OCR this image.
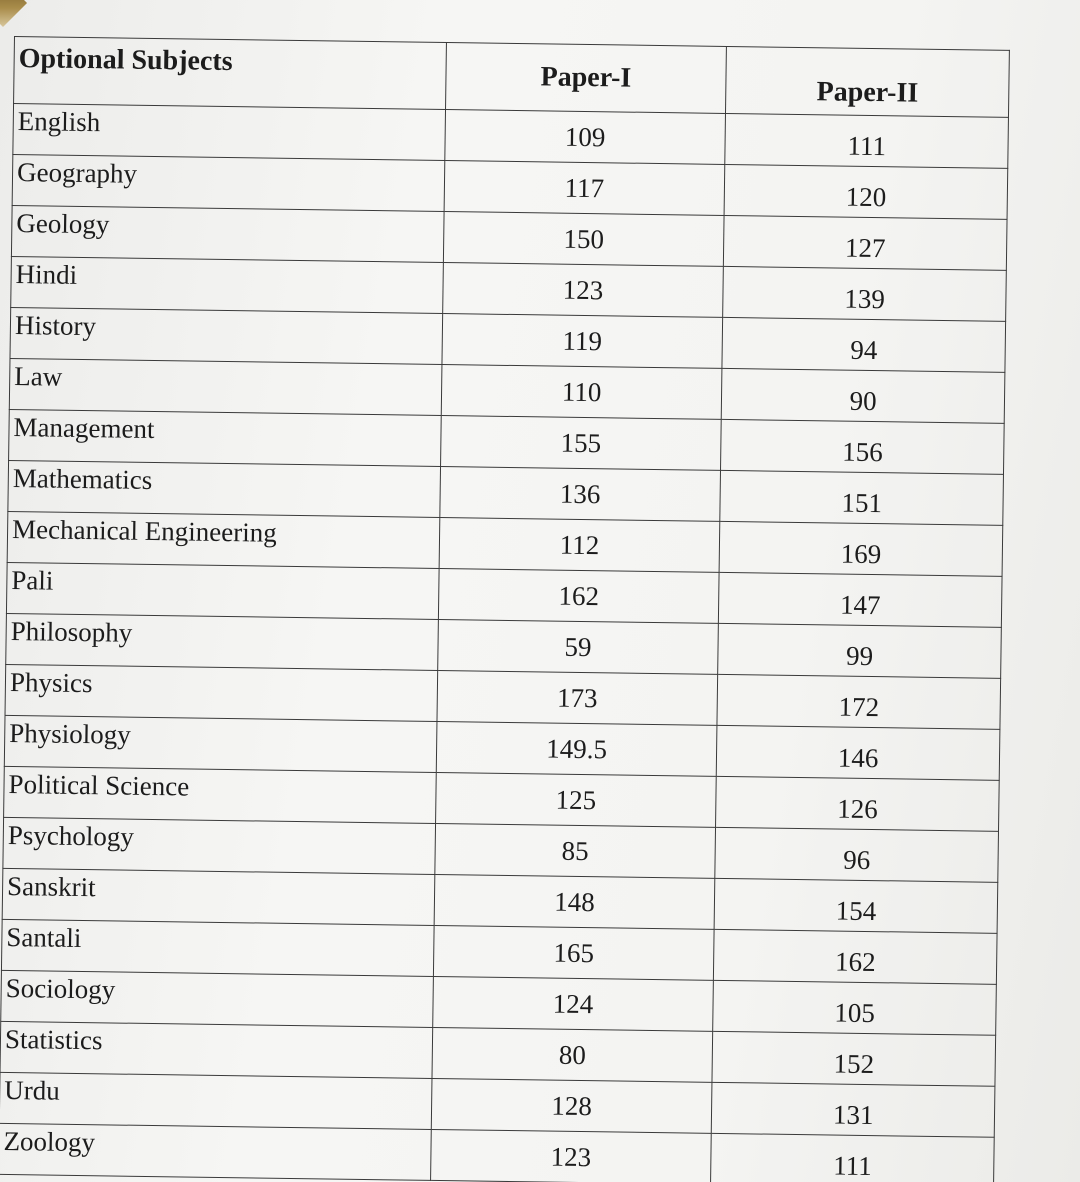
Optional Subjects	Paper-I	Paper-II
English	109	111
Geography	117	120
Geology	150	127
Hindi	123	139
History	119	94
Law	110	90
Management	155	156
Mathematics	136	151
Mechanical Engineering	112	169
Pali	162	147
Philosophy	59	99
Physics	173	172
Physiology	149.5	146
Political Science	125	126
Psychology	85	96
Sanskrit	148	154
Santali	165	162
Sociology	124	105
Statistics	80	152
Urdu	128	131
Zoology	123	111
